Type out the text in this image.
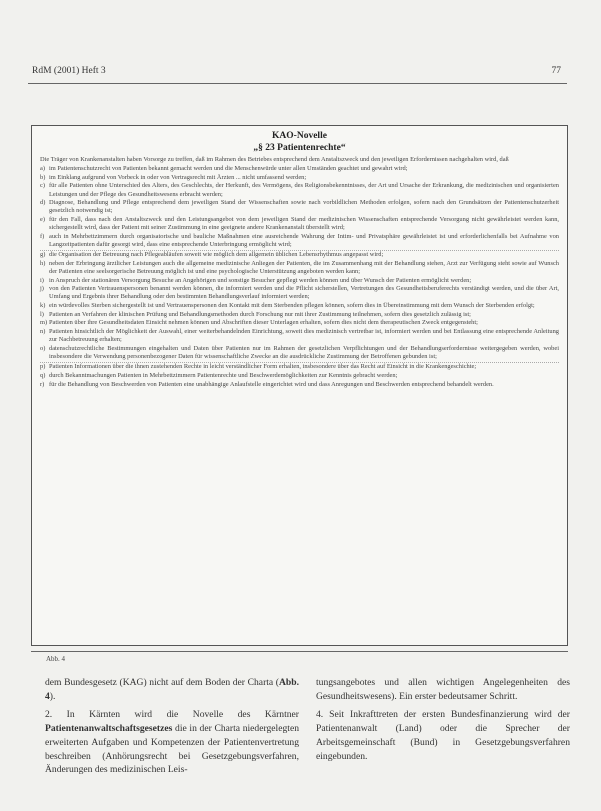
RdM (2001) Heft 3	77
KAO-Novelle
„§ 23 Patientenrechte“
Die Träger von Krankenanstalten haben Vorsorge zu treffen, daß im Rahmen des Betriebes entsprechend dem Anstaltszweck und den jeweiligen Erfordernissen nachgehalten wird, daß
a) im Patientenschutzrecht von Patienten bekannt gemacht werden und die Menschenwürde unter allen Umständen geachtet und gewahrt wird;
b) im Einklang aufgrund von Vorbeck in oder von Vertragsrecht mit Ärzten ... nicht umfassend werden;
c) für alle Patienten ohne Unterschied des Alters, des Geschlechts, der Herkunft, des Vermögens, des Religionsbekenntnisses, der Art und Ursache der Erkrankung, die medizinischen und organisierten Leistungen und der Pflege des Gesundheitswesens erbracht werden;
d) Diagnose, Behandlung und Pflege entsprechend dem jeweiligen Stand der Wissenschaften sowie nach vorbildlichen Methoden erfolgen, sofern nach den Grundsätzen der Patientenschutzerheit gesetzlich notwendig ist;
e) für den Fall, dass nach den Anstaltszweck und den Leistungsangebot von dem jeweiligen Stand der medizinischen Wissenschaften entsprechende Versorgung nicht gewährleistet werden kann, sichergestellt wird, dass der Patient mit seiner Zustimmung in eine geeignete andere Krankenanstalt überstellt wird;
f) auch in Mehrbettzimmern durch organisatorische und bauliche Maßnahmen eine ausreichende Wahrung der Intim- und Privatsphäre gewährleistet ist und erforderlichenfalls bei Aufnahme von Langzeitpatienten dafür gesorgt wird, dass eine entsprechende Unterbringung ermöglicht wird;
g) die Organisation der Betreuung nach Pflegeabläufen soweit wie möglich dem allgemein üblichen Lebensrhythmus angepasst wird;
h) neben der Erbringung ärztlicher Leistungen auch die allgemeine medizinische Anliegen der Patienten, die im Zusammenhang mit der Behandlung stehen, Arzt zur Verfügung steht sowie auf Wunsch der Patienten eine seelsorgerische Betreuung möglich ist und eine psychologische Unterstützung angeboten werden kann;
i) in Anspruch der stationären Versorgung Besuche an Angehörigen und sonstige Besucher gepflegt werden können und über Wunsch der Patienten ermöglicht werden;
j) von den Patienten Vertrauenspersonen benannt werden können, die informiert werden und die Pflicht sicherstellen, Vertretungen des Gesundheitsberuferechts verständigt werden, und die über Art, Umfang und Ergebnis ihrer Behandlung oder den bestimmten Behandlungsverlauf informiert werden;
k) ein würdevolles Sterben sichergestellt ist und Vertrauenspersonen den Kontakt mit dem Sterbenden pflegen können, sofern dies in Übereinstimmung mit dem Wunsch der Sterbenden erfolgt;
l) Patienten an Verfahren der klinischen Prüfung und Behandlungsmethoden durch Forschung nur mit ihrer Zustimmung teilnehmen, sofern dies gesetzlich zulässig ist;
m) Patienten über ihre Gesundheitsdaten Einsicht nehmen können und Abschriften dieser Unterlagen erhalten, sofern dies nicht dem therapeutischen Zweck entgegensteht;
n) Patienten hinsichtlich der Möglichkeit der Auswahl, einer weiterbehandelnden Einrichtung, soweit dies medizinisch vertretbar ist, informiert werden und bei Entlassung eine entsprechende Anleitung zur Nachbetreuung erhalten;
o) datenschutzrechtliche Bestimmungen eingehalten und Daten über Patienten nur im Rahmen der gesetzlichen Verpflichtungen und der Behandlungserfordernisse weitergegeben werden, wobei insbesondere die Verwendung personenbezogener Daten für wissenschaftliche Zwecke an die ausdrückliche Zustimmung der Betroffenen gebunden ist;
p) Patienten Informationen über die ihnen zustehenden Rechte in leicht verständlicher Form erhalten, insbesondere über das Recht auf Einsicht in die Krankengeschichte;
q) durch Bekanntmachungen Patienten in Mehrbettzimmern Patientenrechte und Beschwerdemöglichkeiten zur Kenntnis gebracht werden;
r) für die Behandlung von Beschwerden von Patienten eine unabhängige Anlaufstelle eingerichtet wird und dass Anregungen und Beschwerden entsprechend behandelt werden.
Abb. 4

dem Bundesgesetz (KAG) nicht auf dem Boden der Charta (Abb. 4).

2. In Kärnten wird die Novelle des Kärntner Patientenanwaltschaftsgesetzes die in der Charta niedergelegten erweiterten Aufgaben und Kompetenzen der Patientenvertretung beschreiben (Anhörungsrecht bei Gesetzgebungsverfahren, Änderungen des medizinischen Leis-

tungsangebotes und allen wichtigen Angelegenheiten des Gesundheitswesens). Ein erster bedeutsamer Schritt.

4. Seit Inkrafttreten der ersten Bundesfinanzierung wird der Patientenanwalt (Land) oder die Sprecher der Arbeitsgemeinschaft (Bund) in Gesetzgebungsverfahren eingebunden.
